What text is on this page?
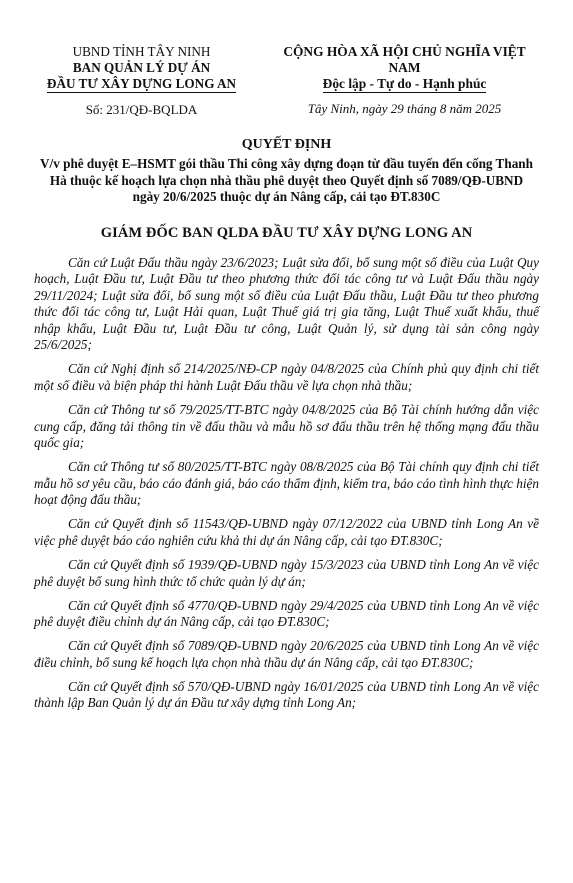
UBND TỈNH TÂY NINH
BAN QUẢN LÝ DỰ ÁN
ĐẦU TƯ XÂY DỰNG LONG AN
Số: 231/QĐ-BQLDA
CỘNG HÒA XÃ HỘI CHỦ NGHĨA VIỆT NAM
Độc lập - Tự do - Hạnh phúc
Tây Ninh, ngày 29 tháng 8 năm 2025
QUYẾT ĐỊNH
V/v phê duyệt E–HSMT gói thầu Thi công xây dựng đoạn từ đầu tuyến đến cống Thanh Hà thuộc kế hoạch lựa chọn nhà thầu phê duyệt theo Quyết định số 7089/QĐ-UBND ngày 20/6/2025 thuộc dự án Nâng cấp, cải tạo ĐT.830C
GIÁM ĐỐC BAN QLDA ĐẦU TƯ XÂY DỰNG LONG AN

Căn cứ Luật Đấu thầu ngày 23/6/2023; Luật sửa đổi, bổ sung một số điều của Luật Quy hoạch, Luật Đầu tư, Luật Đầu tư theo phương thức đối tác công tư và Luật Đấu thầu ngày 29/11/2024; Luật sửa đổi, bổ sung một số điều của Luật Đấu thầu, Luật Đầu tư theo phương thức đối tác công tư, Luật Hải quan, Luật Thuế giá trị gia tăng, Luật Thuế xuất khẩu, thuế nhập khẩu, Luật Đầu tư, Luật Đầu tư công, Luật Quản lý, sử dụng tài sản công ngày 25/6/2025;

Căn cứ Nghị định số 214/2025/NĐ-CP ngày 04/8/2025 của Chính phủ quy định chi tiết một số điều và biện pháp thi hành Luật Đấu thầu về lựa chọn nhà thầu;

Căn cứ Thông tư số 79/2025/TT-BTC ngày 04/8/2025 của Bộ Tài chính hướng dẫn việc cung cấp, đăng tải thông tin về đấu thầu và mẫu hồ sơ đấu thầu trên hệ thống mạng đấu thầu quốc gia;

Căn cứ Thông tư số 80/2025/TT-BTC ngày 08/8/2025 của Bộ Tài chính quy định chi tiết mẫu hồ sơ yêu cầu, báo cáo đánh giá, báo cáo thẩm định, kiểm tra, báo cáo tình hình thực hiện hoạt động đấu thầu;

Căn cứ Quyết định số 11543/QĐ-UBND ngày 07/12/2022 của UBND tỉnh Long An về việc phê duyệt báo cáo nghiên cứu khả thi dự án Nâng cấp, cải tạo ĐT.830C;

Căn cứ Quyết định số 1939/QĐ-UBND ngày 15/3/2023 của UBND tỉnh Long An về việc phê duyệt bổ sung hình thức tổ chức quản lý dự án;

Căn cứ Quyết định số 4770/QĐ-UBND ngày 29/4/2025 của UBND tỉnh Long An về việc phê duyệt điều chỉnh dự án Nâng cấp, cải tạo ĐT.830C;

Căn cứ Quyết định số 7089/QĐ-UBND ngày 20/6/2025 của UBND tỉnh Long An về việc điều chỉnh, bổ sung kế hoạch lựa chọn nhà thầu dự án Nâng cấp, cải tạo ĐT.830C;

Căn cứ Quyết định số 570/QĐ-UBND ngày 16/01/2025 của UBND tỉnh Long An về việc thành lập Ban Quản lý dự án Đầu tư xây dựng tỉnh Long An;
